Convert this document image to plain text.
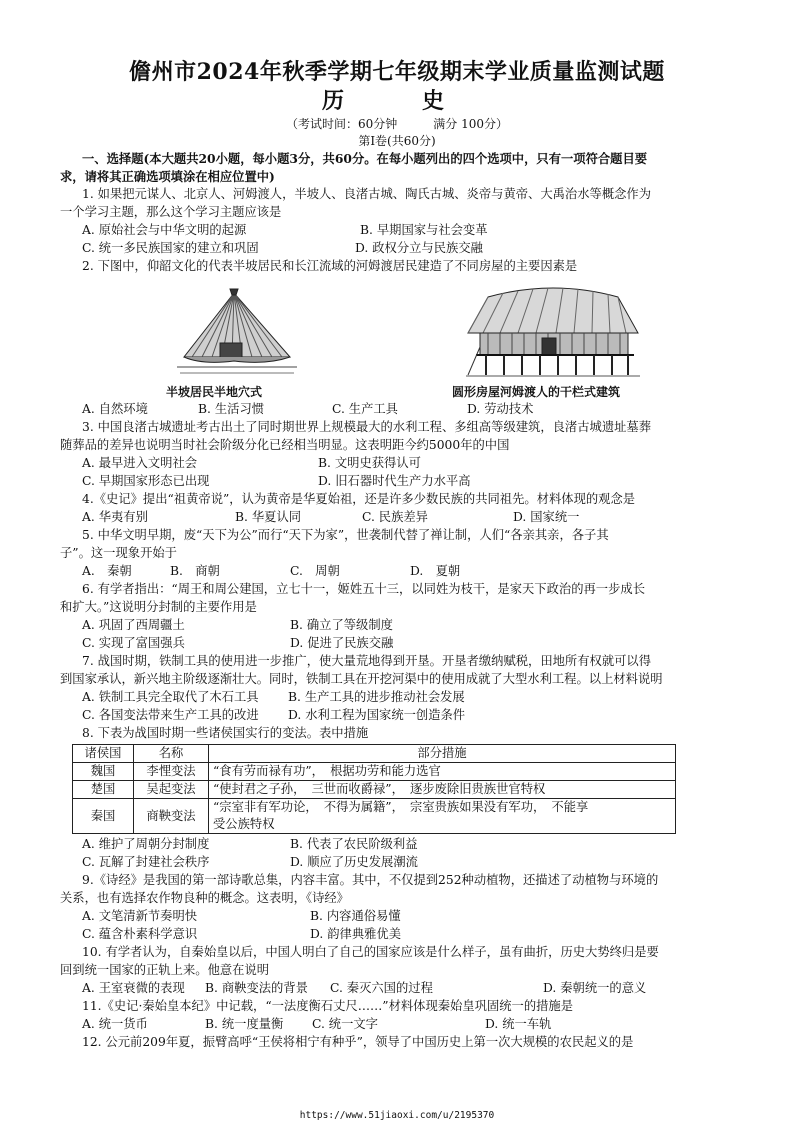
儋州市2024年秋季学期七年级期末学业质量监测试题
历　史
（考试时间：60分钟	满分 100分）
第Ⅰ卷(共60分)
一、选择题(本大题共20小题，每小题3分，共60分。在每小题列出的四个选项中，只有一项符合题目要
求，请将其正确选项填涂在相应位置中)
1. 如果把元谋人、北京人、河姆渡人，半坡人、良渚古城、陶氏古城、炎帝与黄帝、大禹治水等概念作为
一个学习主题，那么这个学习主题应该是
A. 原始社会与中华文明的起源	B. 早期国家与社会变革
C. 统一多民族国家的建立和巩固	D. 政权分立与民族交融
2. 下图中，仰韶文化的代表半坡居民和长江流域的河姆渡居民建造了不同房屋的主要因素是
半坡居民半地穴式	圆形房屋河姆渡人的干栏式建筑
A. 自然环境	B. 生活习惯	C. 生产工具	D. 劳动技术
3. 中国良渚古城遗址考古出土了同时期世界上规模最大的水利工程、多组高等级建筑，良渚古城遗址墓葬
随葬品的差异也说明当时社会阶级分化已经相当明显。这表明距今约5000年的中国
A. 最早进入文明社会	B. 文明史获得认可
C. 早期国家形态已出现	D. 旧石器时代生产力水平高
4.《史记》提出“祖黄帝说”，认为黄帝是华夏始祖，还是许多少数民族的共同祖先。材料体现的观念是
A. 华夷有别	B. 华夏认同	C. 民族差异	D. 国家统一
5. 中华文明早期，废“天下为公”而行“天下为家”，世袭制代替了禅让制，人们“各亲其亲，各子其
子”。这一现象开始于
A.　秦朝	B.　商朝	C.　周朝	D.　夏朝
6. 有学者指出：“周王和周公建国，立七十一，姬姓五十三，以同姓为枝干，是家天下政治的再一步成长
和扩大。”这说明分封制的主要作用是
A. 巩固了西周疆土	B. 确立了等级制度
C. 实现了富国强兵	D. 促进了民族交融
7. 战国时期，铁制工具的使用进一步推广，使大量荒地得到开垦。开垦者缴纳赋税，田地所有权就可以得
到国家承认，新兴地主阶级逐渐壮大。同时，铁制工具在开挖河渠中的使用成就了大型水利工程。以上材料说明
A. 铁制工具完全取代了木石工具 B. 生产工具的进步推动社会发展
C. 各国变法带来生产工具的改进 D. 水利工程为国家统一创造条件
8. 下表为战国时期一些诸侯国实行的变法。表中措施
诸侯国	名称	部分措施
魏国	李悝变法	“食有劳而禄有功”，　根据功劳和能力选官
楚国	吴起变法	“使封君之子孙，　三世而收爵禄”，　逐步废除旧贵族世官特权
秦国	商鞅变法	“宗室非有军功论，　不得为属籍”，　宗室贵族如果没有军功，　不能享
受公族特权
A. 维护了周朝分封制度	B. 代表了农民阶级利益
C. 瓦解了封建社会秩序	D. 顺应了历史发展潮流
9.《诗经》是我国的第一部诗歌总集，内容丰富。其中，不仅提到252种动植物，还描述了动植物与环境的
关系，也有选择农作物良种的概念。这表明，《诗经》
A. 文笔清新节奏明快	B. 内容通俗易懂
C. 蕴含朴素科学意识	D. 韵律典雅优美
10. 有学者认为，自秦始皇以后，中国人明白了自己的国家应该是什么样子，虽有曲折，历史大势终归是要
回到统一国家的正轨上来。他意在说明
A. 王室衰微的表现 B. 商鞅变法的背景 C. 秦灭六国的过程	D. 秦朝统一的意义
11.《史记·秦始皇本纪》中记载，“一法度衡石丈尺……”材料体现秦始皇巩固统一的措施是
A. 统一货币	B. 统一度量衡 C. 统一文字	D. 统一车轨
12. 公元前209年夏，振臂高呼“王侯将相宁有种乎”，领导了中国历史上第一次大规模的农民起义的是
https://www.51jiaoxi.com/u/2195370
